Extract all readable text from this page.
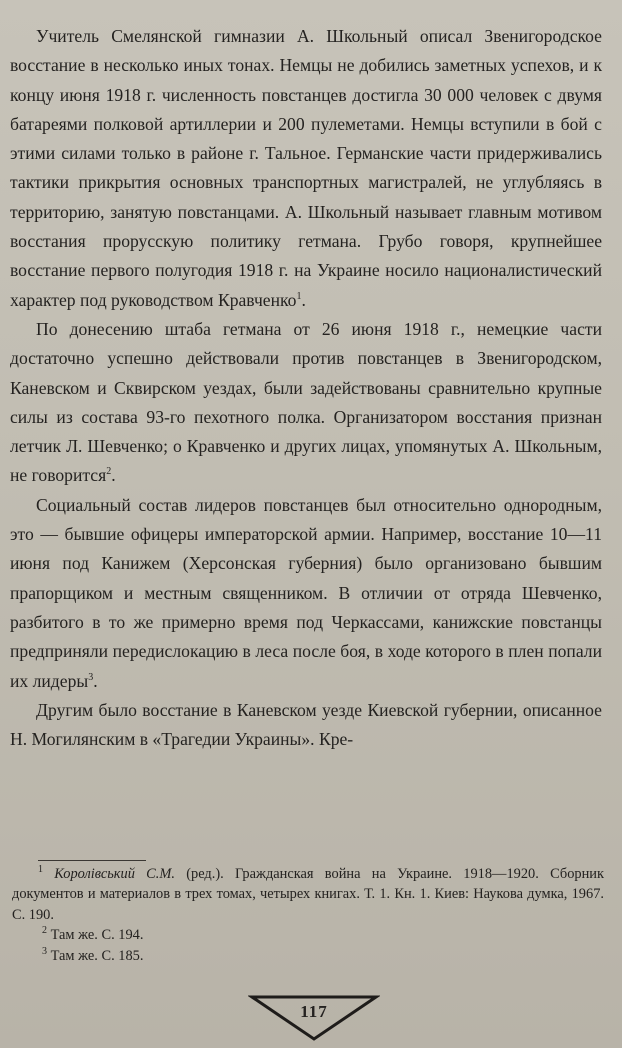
Учитель Смелянской гимназии А. Школьный описал Звенигородское восстание в несколько иных тонах. Немцы не добились заметных успехов, и к концу июня 1918 г. численность повстанцев достигла 30 000 человек с двумя батареями полковой артиллерии и 200 пулеметами. Немцы вступили в бой с этими силами только в районе г. Тальное. Германские части придерживались тактики прикрытия основных транспортных магистралей, не углубляясь в территорию, занятую повстанцами. А. Школьный называет главным мотивом восстания прорусскую политику гетмана. Грубо говоря, крупнейшее восстание первого полугодия 1918 г. на Украине носило националистический характер под руководством Кравченко$^1$.

По донесению штаба гетмана от 26 июня 1918 г., немецкие части достаточно успешно действовали против повстанцев в Звенигородском, Каневском и Сквирском уездах, были задействованы сравнительно крупные силы из состава 93-го пехотного полка. Организатором восстания признан летчик Л. Шевченко; о Кравченко и других лицах, упомянутых А. Школьным, не говорится$^2$.

Социальный состав лидеров повстанцев был относительно однородным, это — бывшие офицеры императорской армии. Например, восстание 10—11 июня под Канижем (Херсонская губерния) было организовано бывшим прапорщиком и местным священником. В отличии от отряда Шевченко, разбитого в то же примерно время под Черкассами, канижские повстанцы предприняли передислокацию в леса после боя, в ходе которого в плен попали их лидеры$^3$.

Другим было восстание в Каневском уезде Киевской губернии, описанное Н. Могилянским в «Трагедии Украины». Кре-

$^1$ Королівський С.М. (ред.). Гражданская война на Украине. 1918—1920. Сборник документов и материалов в трех томах, четырех книгах. Т. 1. Кн. 1. Киев: Наукова думка, 1967. С. 190.

$^2$ Там же. С. 194.

$^3$ Там же. С. 185.

117
